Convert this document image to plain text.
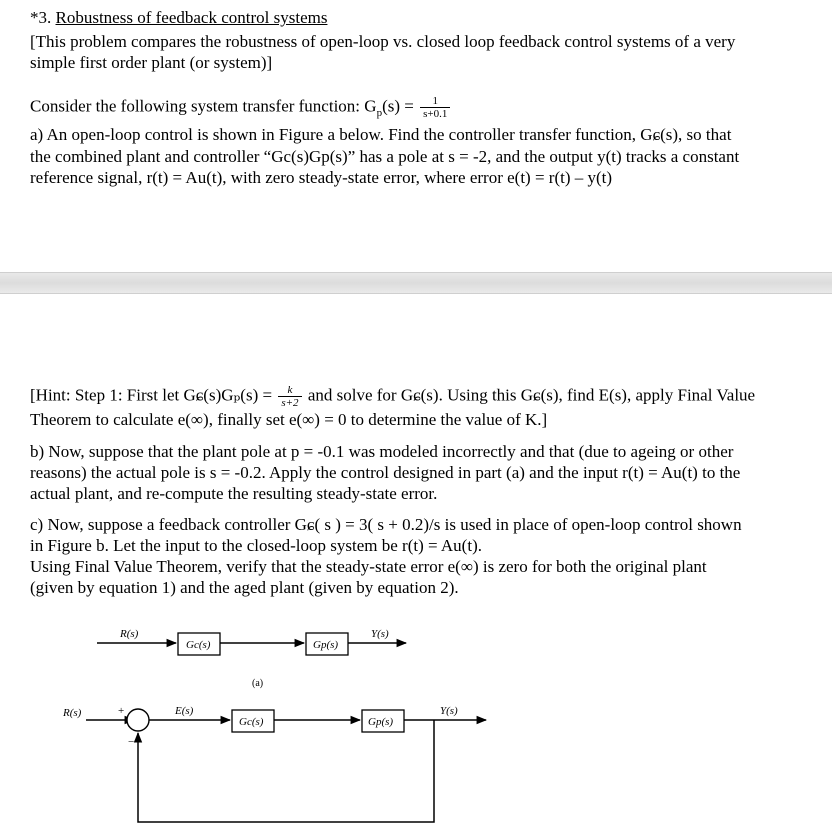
*3. Robustness of feedback control systems
[This problem compares the robustness of open-loop vs. closed loop feedback control systems of a very
simple first order plant (or system)]
Consider the following system transfer function: $G_p(s) = \frac{1}{s+0.1}$
a) An open-loop control is shown in Figure a below. Find the controller transfer function, Gɕ(s), so that
the combined plant and controller “Gc(s)Gp(s)” has a pole at s = -2, and the output y(t) tracks a constant
reference signal, r(t) = Au(t), with zero steady-state error, where error e(t) = r(t) – y(t)
[Hint: Step 1: First let Gɕ(s)Gₚ(s) = $\frac{k}{s+2}$ and solve for Gɕ(s). Using this Gɕ(s), find E(s), apply Final Value
Theorem to calculate e(∞), finally set e(∞) = 0 to determine the value of K.]
b) Now, suppose that the plant pole at p = -0.1 was modeled incorrectly and that (due to ageing or other
reasons) the actual pole is s = -0.2. Apply the control designed in part (a) and the input r(t) = Au(t) to the
actual plant, and re-compute the resulting steady-state error.
c) Now, suppose a feedback controller Gɕ( s ) = 3( s + 0.2)/s is used in place of open-loop control shown
in Figure b. Let the input to the closed-loop system be r(t) = Au(t).
Using Final Value Theorem, verify that the steady-state error e(∞) is zero for both the original plant
(given by equation 1) and the aged plant (given by equation 2).
R(s)
Gc(s)	Gp(s)
Y(s)
(a)
R(s)	+
−
E(s)
Gc(s)	Gp(s)
Y(s)
